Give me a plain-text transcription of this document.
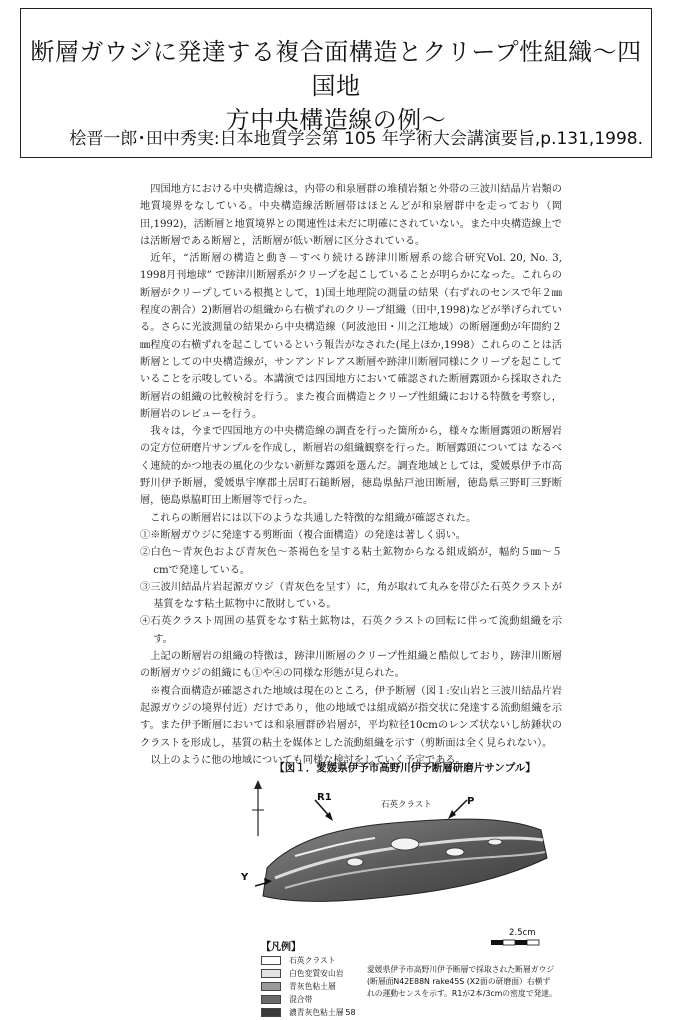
断層ガウジに発達する複合面構造とクリープ性組織～四国地
方中央構造線の例～
桧晋一郎･田中秀実:日本地質学会第 105 年学術大会講演要旨,p.131,1998.

四国地方における中央構造線は，内帯の和泉層群の堆積岩類と外帯の三波川結晶片岩類の地質境界をなしている。中央構造線活断層帯はほとんどが和泉層群中を走っており（岡田,1992)，活断層と地質境界との関連性は未だに明確にされていない。また中央構造線上では活断層である断層と，活断層が低い断層に区分されている。

近年，“活断層の構造と動き－すべり続ける跡津川断層系の総合研究Vol. 20, No. 3, 1998月刊地球” で跡津川断層系がクリープを起こしていることが明らかになった。これらの断層がクリープしている根拠として，1)国土地理院の測量の結果（右ずれのセンスで年２㎜程度の割合）2)断層岩の組織から右横ずれのクリープ組織（田中,1998)などが挙げられている。さらに光波測量の結果から中央構造線（阿波池田・川之江地域）の断層運動が年間約２㎜程度の右横ずれを起こしているという報告がなされた(尾上ほか,1998）これらのことは活断層としての中央構造線が，サンアンドレアス断層や跡津川断層同様にクリープを起こしていることを示唆している。本講演では四国地方において確認された断層露頭から採取された断層岩の組織の比較検討を行う。また複合面構造とクリープ性組織における特徴を考察し，断層岩のレビューを行う。

我々は，今まで四国地方の中央構造線の調査を行った箇所から，様々な断層露頭の断層岩の定方位研磨片サンプルを作成し，断層岩の組織観察を行った。断層露頭については なるべく連続的かつ地表の風化の少ない新鮮な露頭を選んだ。調査地域としては，愛媛県伊予市高野川伊予断層，愛媛県宇摩郡土居町石鎚断層，徳島県鮎戸池田断層，徳島県三野町三野断層，徳島県脇町田上断層等で行った。

これらの断層岩には以下のような共通した特徴的な組織が確認された。

①※断層ガウジに発達する剪断面（複合面構造）の発達は著しく弱い。

②白色～青灰色および青灰色～茶褐色を呈する粘土鉱物からなる組成縞が，幅約５㎜～５cmで発達している。

③三波川結晶片岩起源ガウジ（青灰色を呈す）に，角が取れて丸みを帯びた石英クラストが基質をなす粘土鉱物中に散財している。

④石英クラスト周囲の基質をなす粘土鉱物は，石英クラストの回転に伴って流動組織を示す。

上記の断層岩の組織の特徴は，跡津川断層のクリープ性組織と酷似しており，跡津川断層の断層ガウジの組織にも①や④の同様な形態が見られた。

※複合面構造が確認された地域は現在のところ，伊予断層（図１:安山岩と三波川結晶片岩起源ガウジの境界付近）だけであり，他の地域では組成縞が指交状に発達する流動組織を示す。また伊予断層においては和泉層群砂岩層が，平均粒径10cmのレンズ状ないし紡錘状のクラストを形成し，基質の粘土を媒体とした流動組織を示す（剪断面は全く見られない）。

以上のように他の地域についても同様な検討をしていく予定である。

【図１．愛媛県伊予市高野川伊予断層研磨片サンプル】
R1
石英クラスト	P
Y
2.5cm
【凡例】
石英クラスト
白色変質安山岩
青灰色粘土層
混合帯
濃青灰色粘土層
愛媛県伊予市高野川伊予断層で採取された断層ガウジ(断層面N42E88N rake45S (X2面の研磨面）右横ずれの運動センスを示す。R1が2本/3cmの密度で発達。
- 58
